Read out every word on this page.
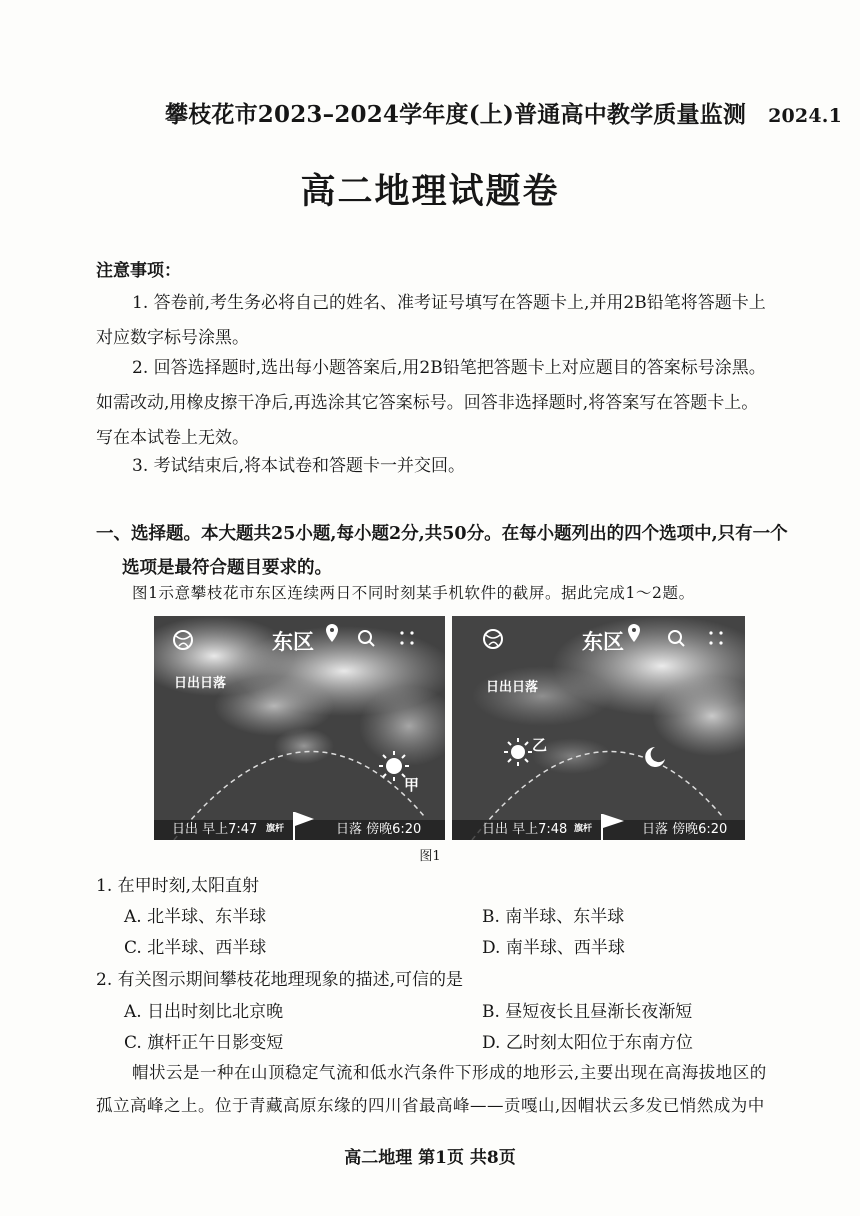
攀枝花市2023–2024学年度(上)普通高中教学质量监测 2024.1
高二地理试题卷
注意事项：
1. 答卷前,考生务必将自己的姓名、准考证号填写在答题卡上,并用2B铅笔将答题卡上
对应数字标号涂黑。
2. 回答选择题时,选出每小题答案后,用2B铅笔把答题卡上对应题目的答案标号涂黑。
如需改动,用橡皮擦干净后,再选涂其它答案标号。回答非选择题时,将答案写在答题卡上。
写在本试卷上无效。
3. 考试结束后,将本试卷和答题卡一并交回。
一、选择题。本大题共25小题,每小题2分,共50分。在每小题列出的四个选项中,只有一个
选项是最符合题目要求的。
图1示意攀枝花市东区连续两日不同时刻某手机软件的截屏。据此完成1～2题。
东区
日出日落
甲
日出 早上7:47 旗杆	日落 傍晚6:20
东区
日出日落
乙
日出 早上7:48 旗杆	日落 傍晚6:20
图1
1. 在甲时刻,太阳直射
A. 北半球、东半球	B. 南半球、东半球
C. 北半球、西半球	D. 南半球、西半球
2. 有关图示期间攀枝花地理现象的描述,可信的是
A. 日出时刻比北京晚	B. 昼短夜长且昼渐长夜渐短
C. 旗杆正午日影变短	D. 乙时刻太阳位于东南方位
帽状云是一种在山顶稳定气流和低水汽条件下形成的地形云,主要出现在高海拔地区的
孤立高峰之上。位于青藏高原东缘的四川省最高峰——贡嘎山,因帽状云多发已悄然成为中
高二地理 第1页 共8页
